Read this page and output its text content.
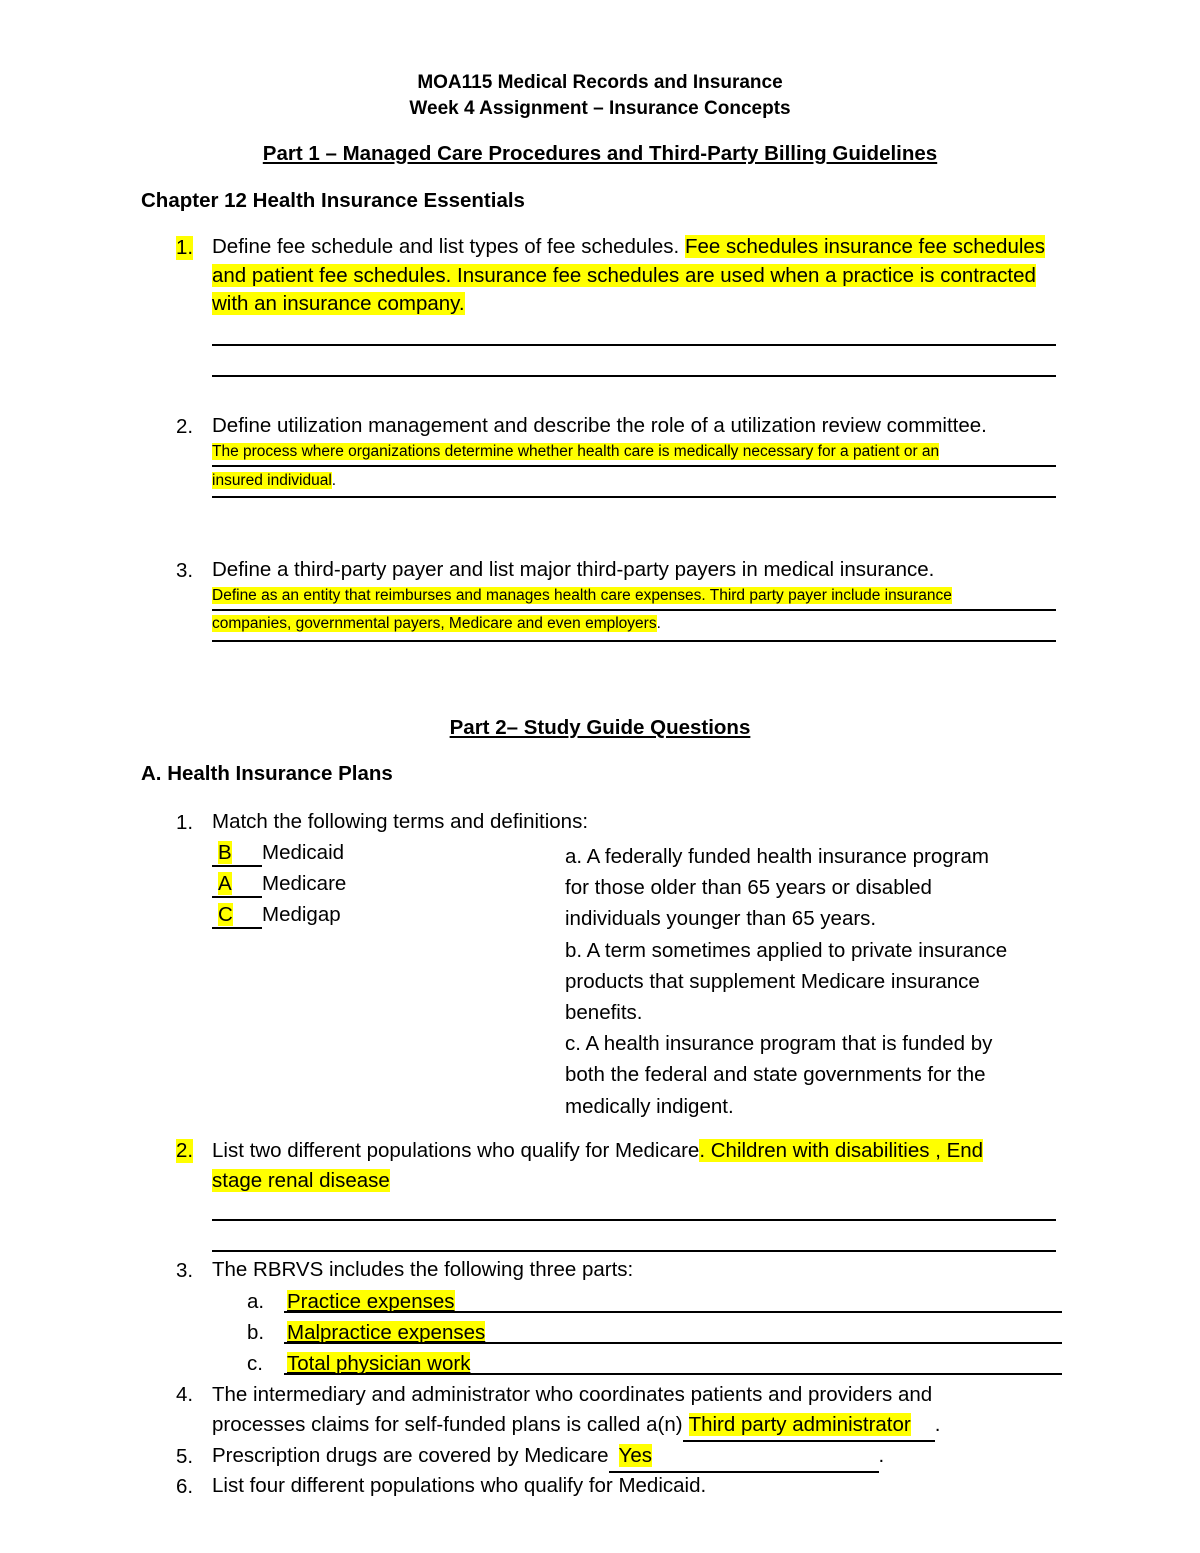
MOA115 Medical Records and Insurance
Week 4 Assignment – Insurance Concepts
Part 1 – Managed Care Procedures and Third-Party Billing Guidelines
Chapter 12 Health Insurance Essentials
1. Define fee schedule and list types of fee schedules. Fee schedules insurance fee schedules
and patient fee schedules. Insurance fee schedules are used when a practice is contracted
with an insurance company.
2. Define utilization management and describe the role of a utilization review committee.
The process where organizations determine whether health care is medically necessary for a patient or an
insured individual.
3. Define a third-party payer and list major third-party payers in medical insurance.
Define as an entity that reimburses and manages health care expenses. Third party payer include insurance
companies, governmental payers, Medicare and even employers.
Part 2– Study Guide Questions
A. Health Insurance Plans
1. Match the following terms and definitions:
B Medicaid
A Medicare
C Medigap
a. A federally funded health insurance program
for those older than 65 years or disabled
individuals younger than 65 years.
b. A term sometimes applied to private insurance
products that supplement Medicare insurance
benefits.
c. A health insurance program that is funded by
both the federal and state governments for the
medically indigent.
2. List two different populations who qualify for Medicare. Children with disabilities , End
stage renal disease
3. The RBRVS includes the following three parts:
a. Practice expenses
b. Malpractice expenses
c. Total physician work
4. The intermediary and administrator who coordinates patients and providers and
processes claims for self-funded plans is called a(n) Third party administrator .
5. Prescription drugs are covered by Medicare Yes	.
6. List four different populations who qualify for Medicaid.
